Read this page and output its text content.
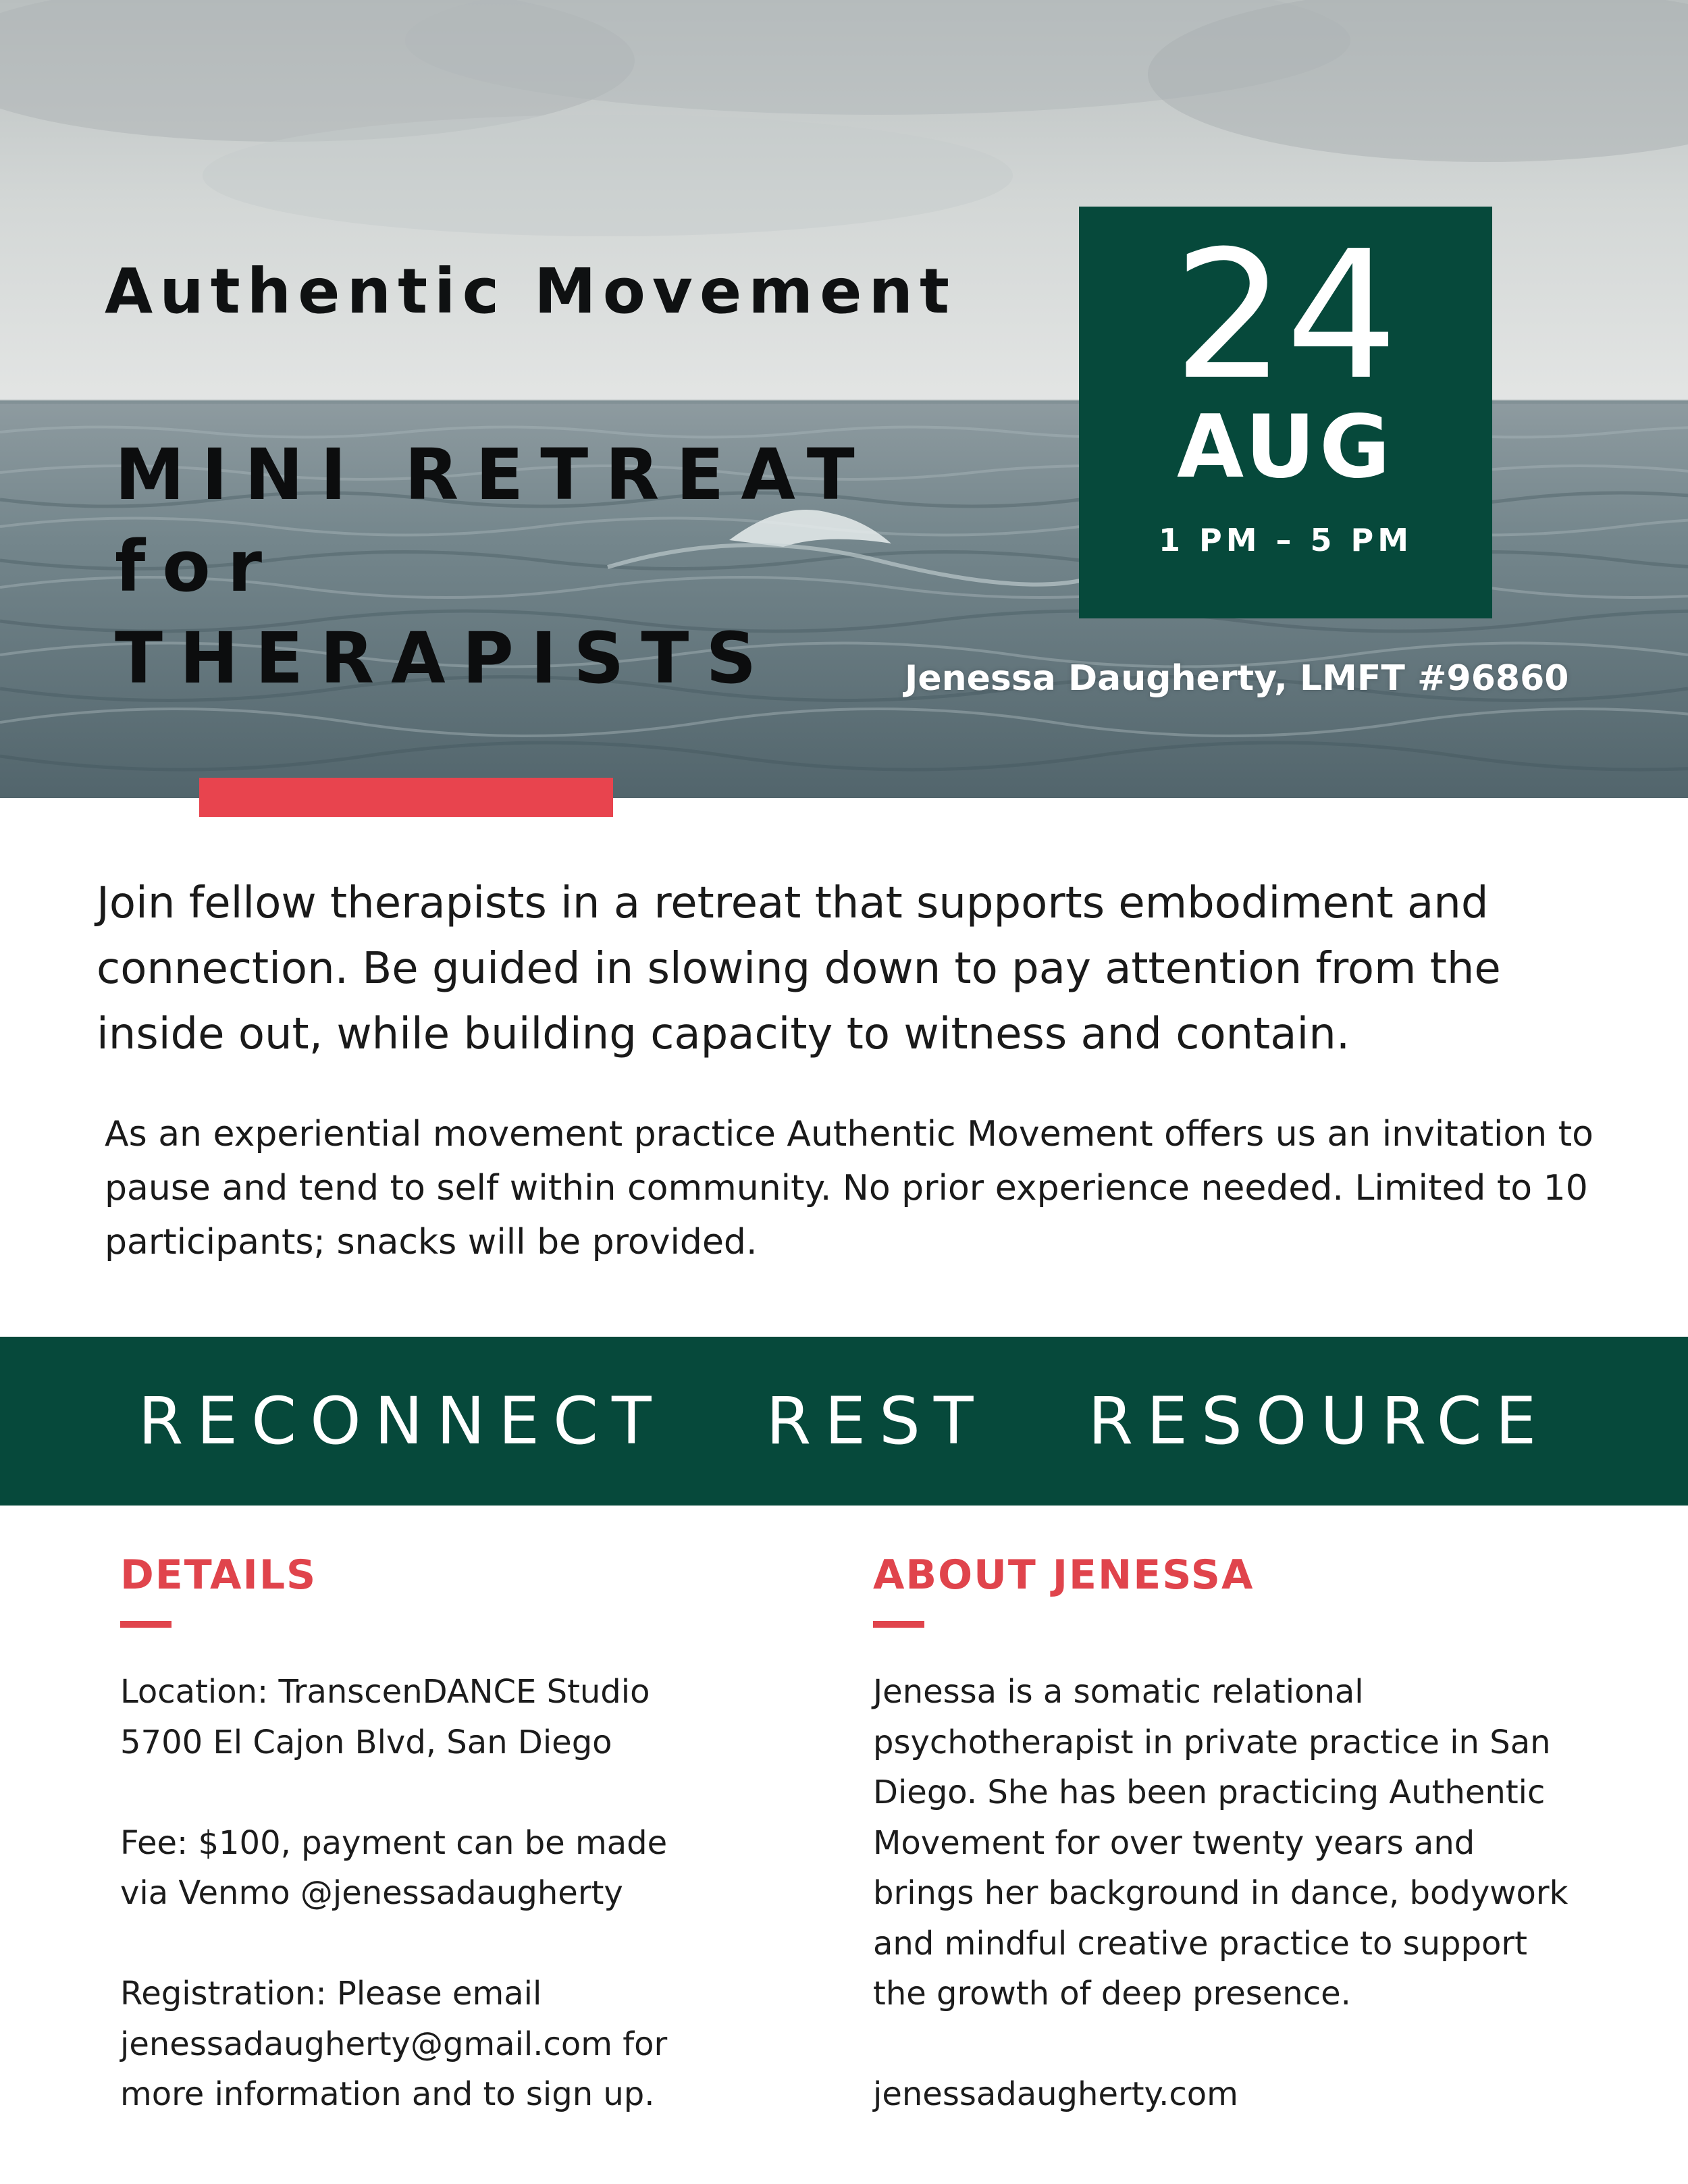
Authentic Movement
MINI RETREAT
for
THERAPISTS
24
AUG
1 PM – 5 PM
Jenessa Daugherty, LMFT #96860

Join fellow therapists in a retreat that supports embodiment and connection. Be guided in slowing down to pay attention from the inside out, while building capacity to witness and contain.

As an experiential movement practice Authentic Movement offers us an invitation to pause and tend to self within community. No prior experience needed. Limited to 10 participants; snacks will be provided.

RECONNECT REST RESOURCE
DETAILS

Location: TranscenDANCE Studio

5700 El Cajon Blvd, San Diego

Fee: $100, payment can be made

via Venmo @jenessadaugherty

Registration: Please email

jenessadaugherty@gmail.com for

more information and to sign up.

ABOUT JENESSA

Jenessa is a somatic relational

psychotherapist in private practice in San

Diego. She has been practicing Authentic

Movement for over twenty years and

brings her background in dance, bodywork

and mindful creative practice to support

the growth of deep presence.

jenessadaugherty.com
